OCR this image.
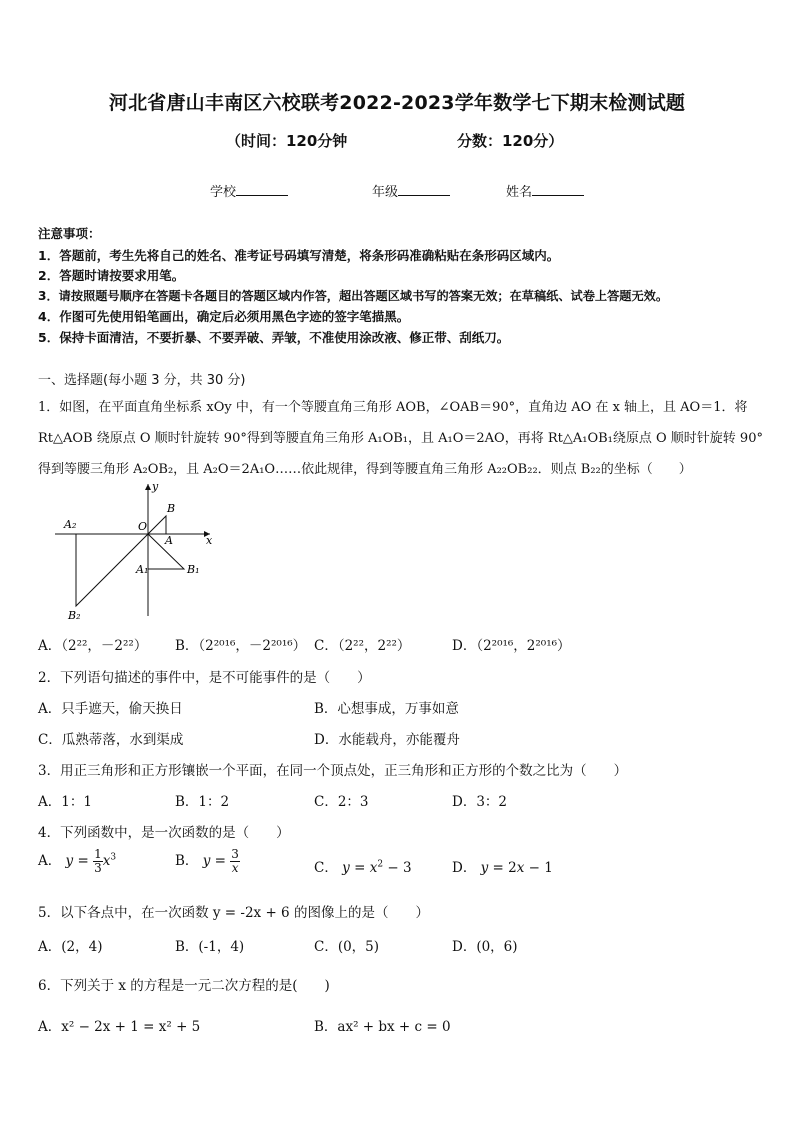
河北省唐山丰南区六校联考2022-2023学年数学七下期末检测试题
（时间：120分钟	分数：120分）
学校	年级	姓名
注意事项：
1．答题前，考生先将自己的姓名、准考证号码填写清楚，将条形码准确粘贴在条形码区域内。
2．答题时请按要求用笔。
3．请按照题号顺序在答题卡各题目的答题区域内作答，超出答题区域书写的答案无效；在草稿纸、试卷上答题无效。
4．作图可先使用铅笔画出，确定后必须用黑色字迹的签字笔描黑。
5．保持卡面清洁，不要折暴、不要弄破、弄皱，不准使用涂改液、修正带、刮纸刀。
一、选择题(每小题 3 分，共 30 分)
1．如图，在平面直角坐标系 xOy 中，有一个等腰直角三角形 AOB，∠OAB＝90°，直角边 AO 在 x 轴上，且 AO＝1．将
Rt△AOB 绕原点 O 顺时针旋转 90°得到等腰直角三角形 A₁OB₁，且 A₁O＝2AO，再将 Rt△A₁OB₁绕原点 O 顺时针旋转 90°
得到等腰三角形 A₂OB₂，且 A₂O＝2A₁O……依此规律，得到等腰直角三角形 A₂₂OB₂₂．则点 B₂₂的坐标（　　）
y
x
O
A
B
A₁	B₁
A₂
B₂
A．（2²²，－2²²） B．（2²⁰¹⁶，－2²⁰¹⁶） C．（2²²，2²²）	D．（2²⁰¹⁶，2²⁰¹⁶）
2．下列语句描述的事件中，是不可能事件的是（　　）
A．只手遮天，偷天换日	B．心想事成，万事如意
C．瓜熟蒂落，水到渠成	D．水能载舟，亦能覆舟
3．用正三角形和正方形镶嵌一个平面，在同一个顶点处，正三角形和正方形的个数之比为（　　）
A．1：1	B．1：2	C．2：3	D．3：2
4．下列函数中，是一次函数的是（　　）
A． $y = \frac{1}{3} x^3$	B． $y = \frac{3}{x}$	C． $y = x^2 - 3$	D． y = 2x − 1
5．以下各点中，在一次函数 y = -2x + 6 的图像上的是（　　）
A．(2，4)	B．(-1，4)	C．(0，5)	D．(0，6)
6．下列关于 x 的方程是一元二次方程的是(　　)
A．x² − 2x + 1 = x² + 5	B．ax² + bx + c = 0
